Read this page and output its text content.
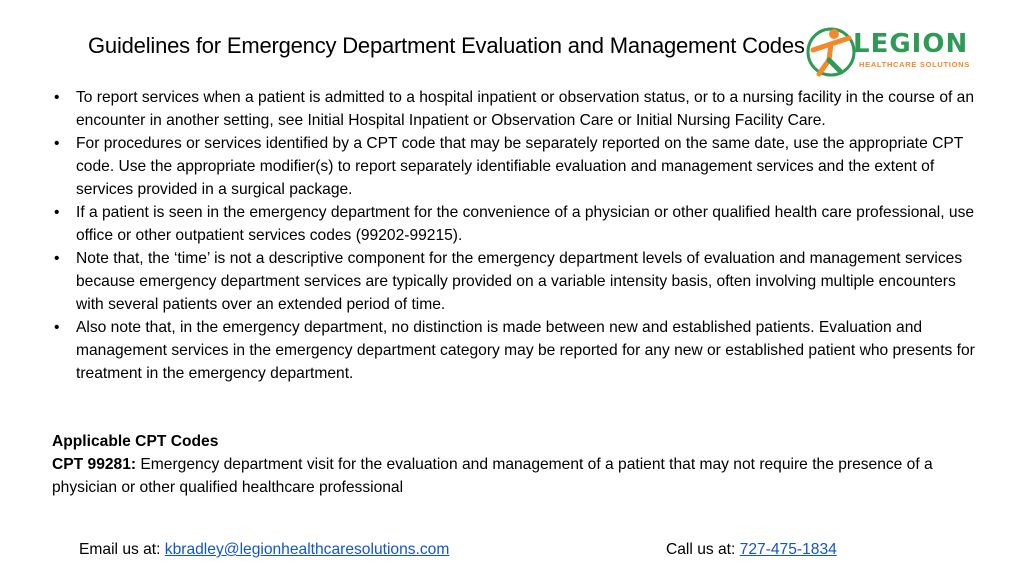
Guidelines for Emergency Department Evaluation and Management Codes	LEGION
HEALTHCARE SOLUTIONS
• To report services when a patient is admitted to a hospital inpatient or observation status, or to a nursing facility in the course of an encounter in another setting, see Initial Hospital Inpatient or Observation Care or Initial Nursing Facility Care.
• For procedures or services identified by a CPT code that may be separately reported on the same date, use the appropriate CPT code. Use the appropriate modifier(s) to report separately identifiable evaluation and management services and the extent of services provided in a surgical package.
• If a patient is seen in the emergency department for the convenience of a physician or other qualified health care professional, use office or other outpatient services codes (99202-99215).
• Note that, the ‘time’ is not a descriptive component for the emergency department levels of evaluation and management services because emergency department services are typically provided on a variable intensity basis, often involving multiple encounters with several patients over an extended period of time.
• Also note that, in the emergency department, no distinction is made between new and established patients. Evaluation and management services in the emergency department category may be reported for any new or established patient who presents for treatment in the emergency department.
Applicable CPT Codes
CPT 99281: Emergency department visit for the evaluation and management of a patient that may not require the presence of a physician or other qualified healthcare professional
Email us at: kbradley@legionhealthcaresolutions.com	Call us at: 727-475-1834
